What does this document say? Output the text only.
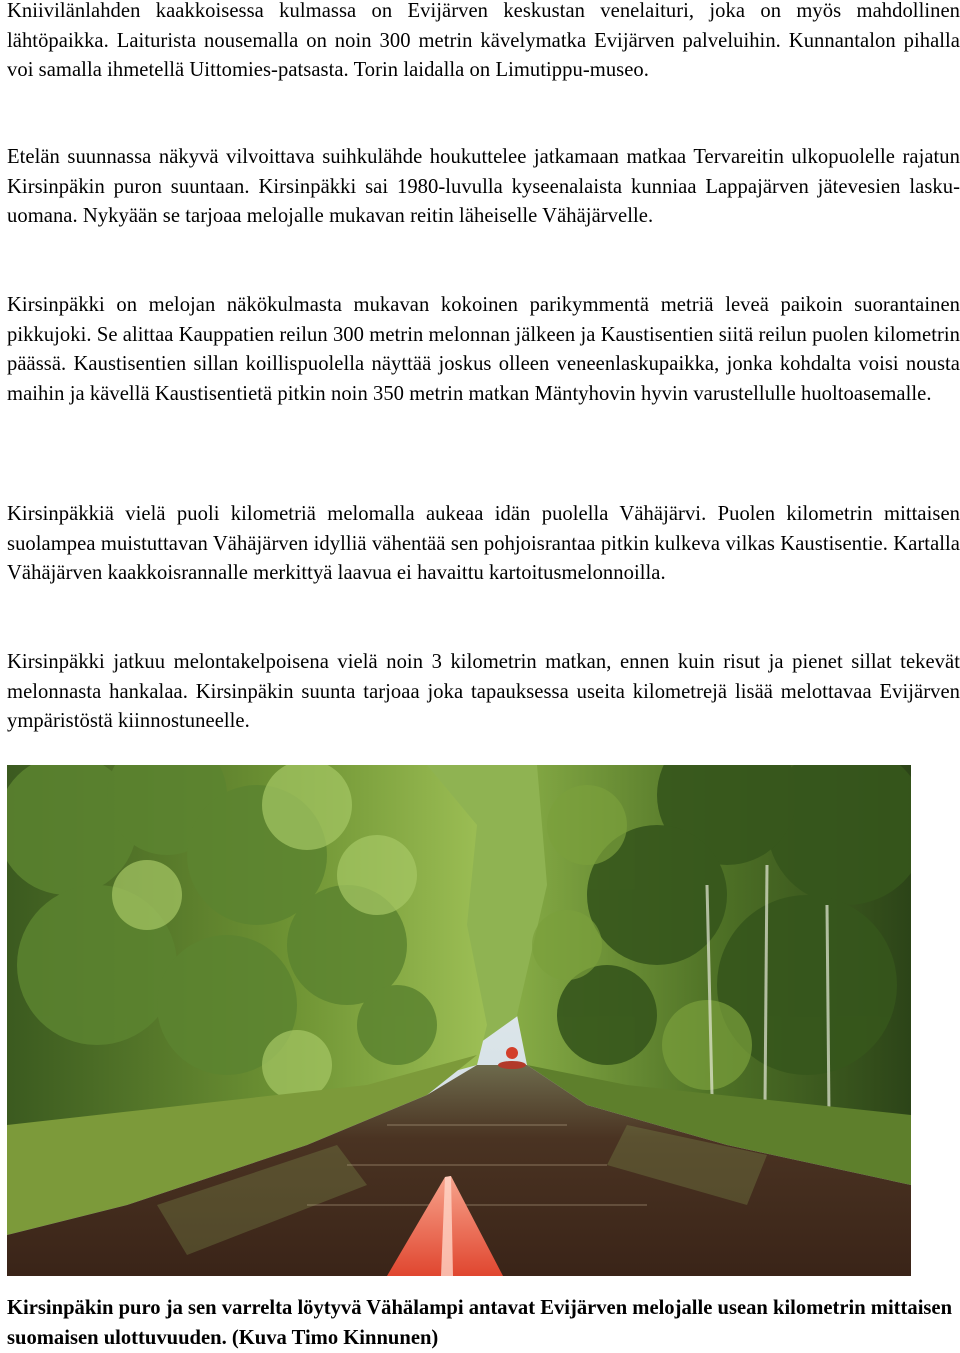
Kniivilänlahden kaakkoisessa kulmassa on Evijärven keskustan venelaituri, joka on myös mahdollinen lähtöpaikka. Laiturista nousemalla on noin 300 metrin kävelymatka Evijärven palveluihin. Kunnantalon pihalla voi samalla ihmetellä Uittomies-patsasta. Torin laidalla on Limutippu-museo.

Etelän suunnassa näkyvä vilvoittava suihkulähde houkuttelee jatkamaan matkaa Tervareitin ulkopuolelle rajatun Kirsinpäkin puron suuntaan. Kirsinpäkki sai 1980-luvulla kyseenalaista kunniaa Lappajärven jätevesien lasku-uomana. Nykyään se tarjoaa melojalle mukavan reitin läheiselle Vähäjärvelle.

Kirsinpäkki on melojan näkökulmasta mukavan kokoinen parikymmentä metriä leveä paikoin suorantainen pikkujoki. Se alittaa Kauppatien reilun 300 metrin melonnan jälkeen ja Kaustisentien siitä reilun puolen kilometrin päässä. Kaustisentien sillan koillispuolella näyttää joskus olleen veneenlaskupaikka, jonka kohdalta voisi nousta maihin ja kävellä Kaustisentietä pitkin noin 350 metrin matkan Mäntyhovin hyvin varustellulle huoltoasemalle.

Kirsinpäkkiä vielä puoli kilometriä melomalla aukeaa idän puolella Vähäjärvi. Puolen kilometrin mittaisen suolampea muistuttavan Vähäjärven idylliä vähentää sen pohjoisrantaa pitkin kulkeva vilkas Kaustisentie. Kartalla Vähäjärven kaakkoisrannalle merkittyä laavua ei havaittu kartoitusmelonnoilla.

Kirsinpäkki jatkuu melontakelpoisena vielä noin 3 kilometrin matkan, ennen kuin risut ja pienet sillat tekevät melonnasta hankalaa. Kirsinpäkin suunta tarjoaa joka tapauksessa useita kilometrejä lisää melottavaa Evijärven ympäristöstä kiinnostuneelle.

Kirsinpäkin puro ja sen varrelta löytyvä Vähälampi antavat Evijärven melojalle usean kilometrin mittaisen suomaisen ulottuvuuden. (Kuva Timo Kinnunen)
